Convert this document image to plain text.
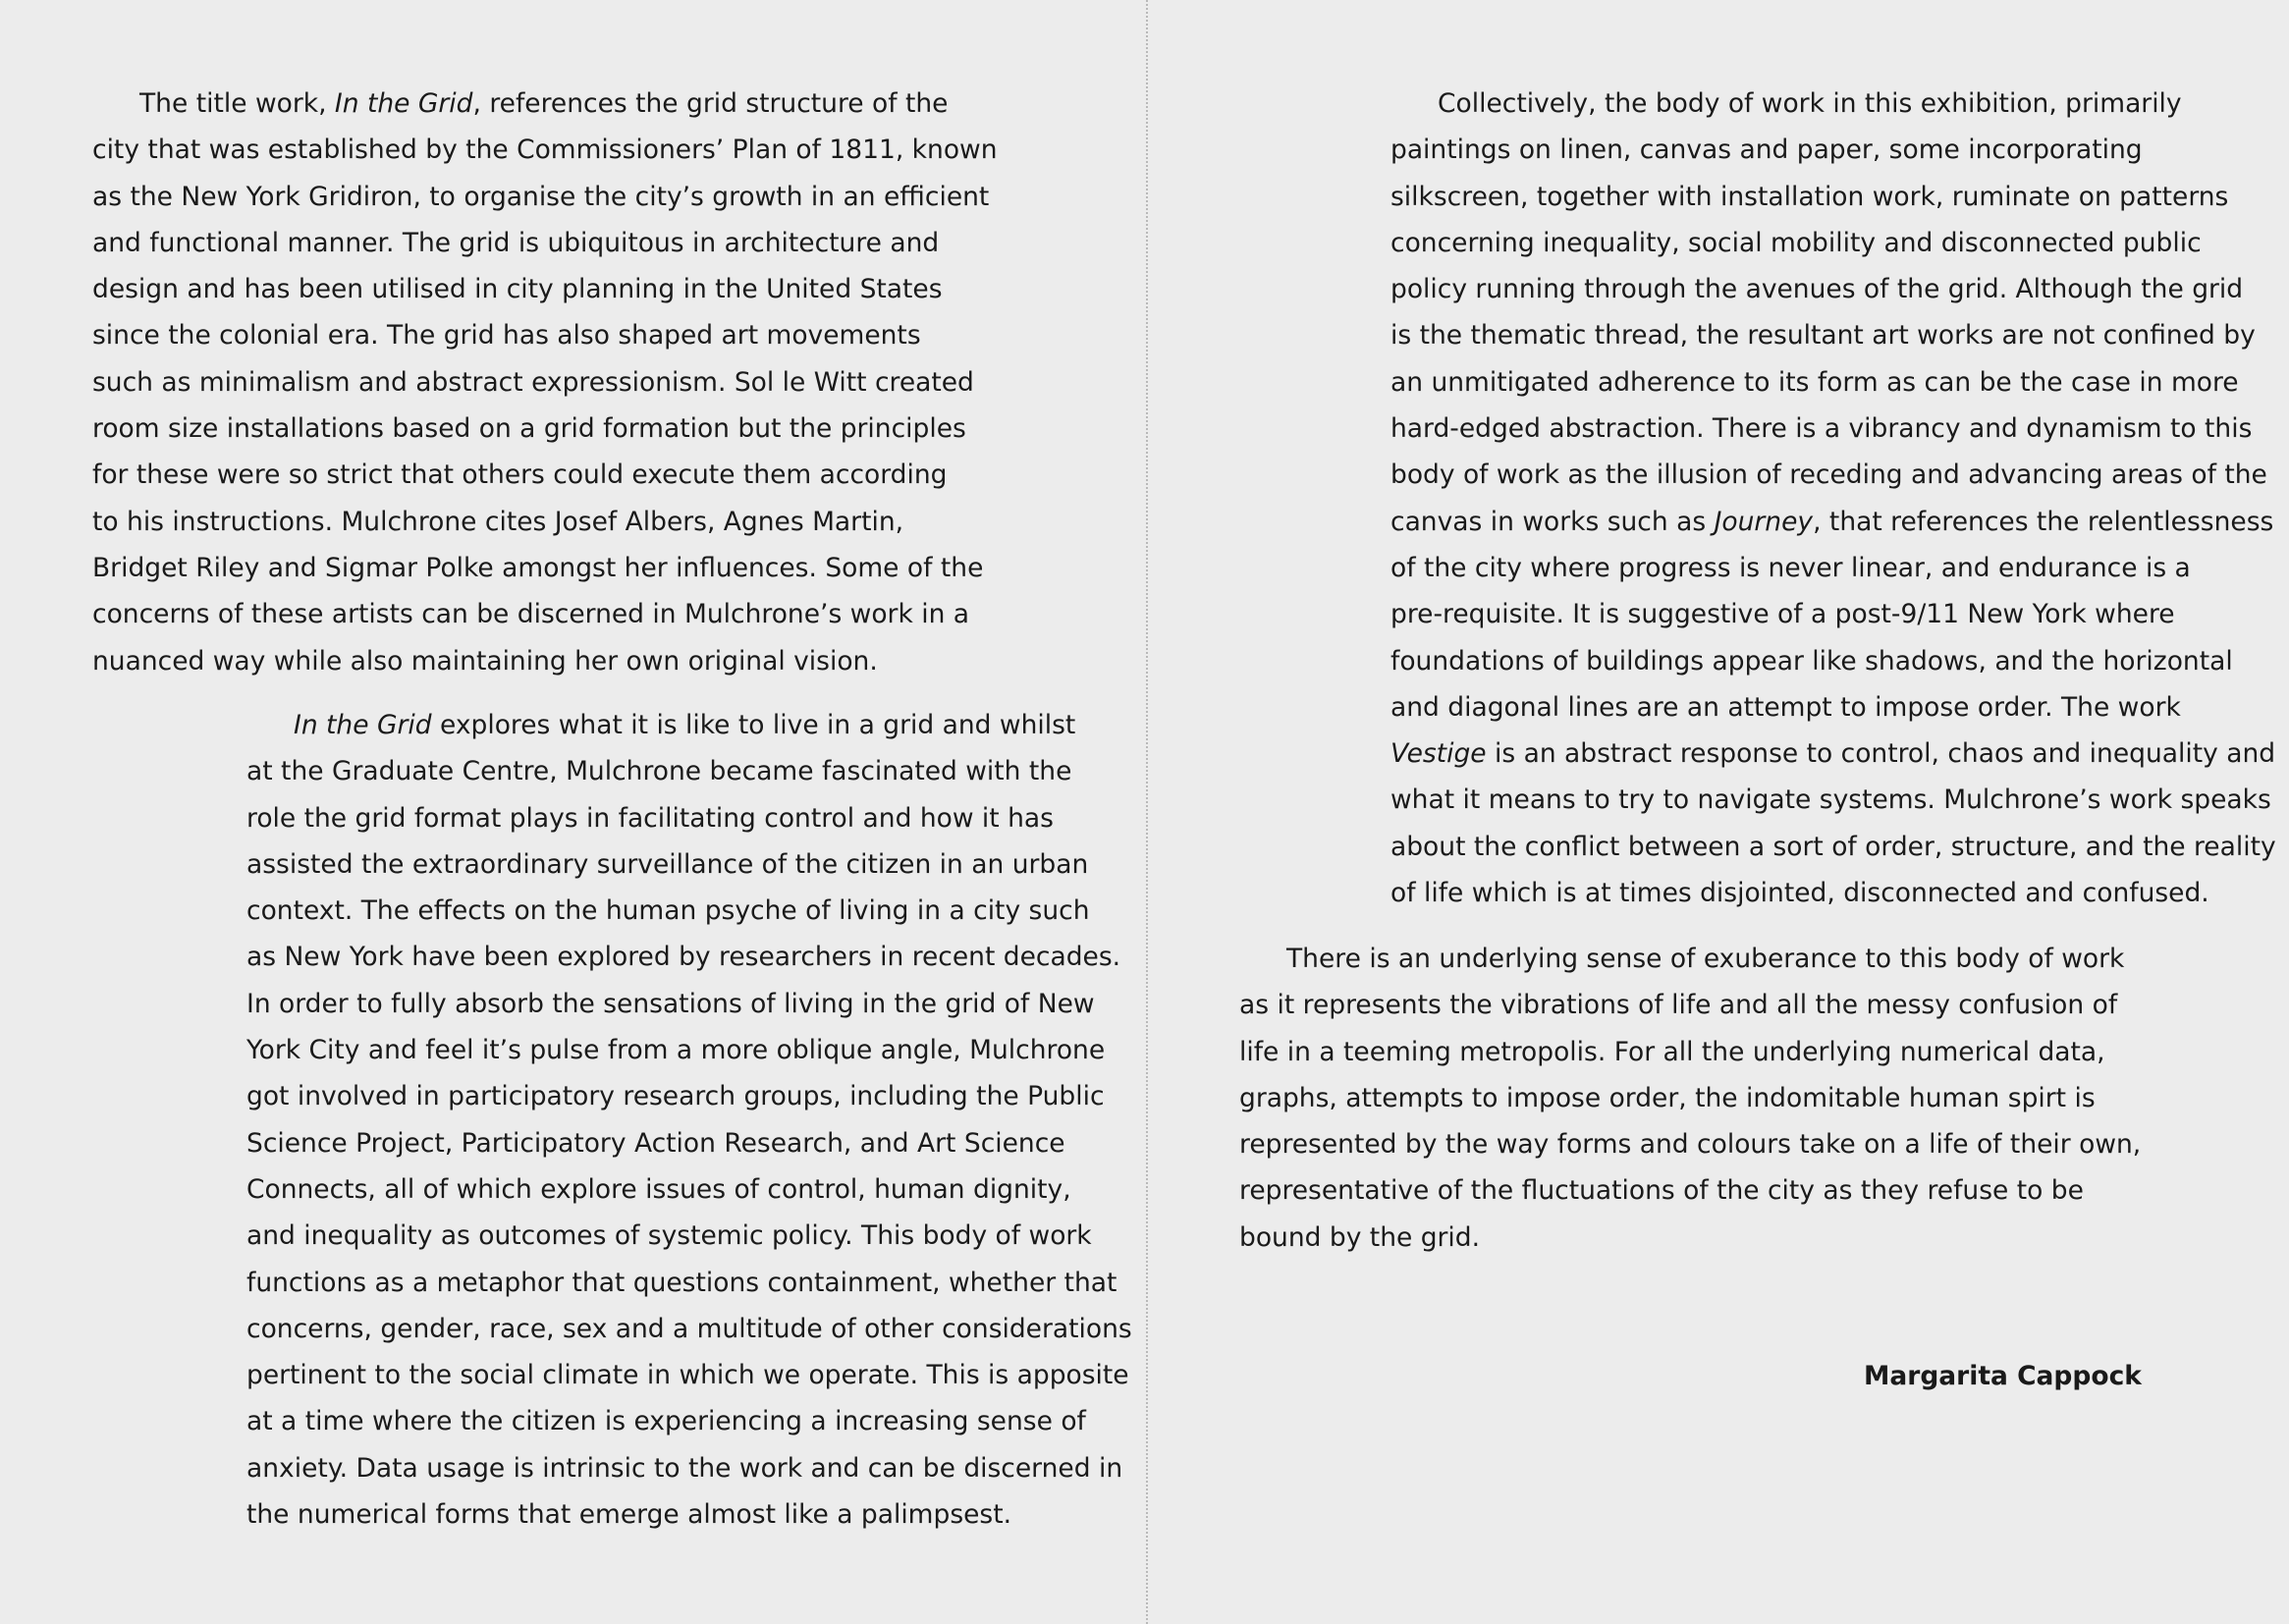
The title work, In the Grid, references the grid structure of the
city that was established by the Commissioners’ Plan of 1811, known
as the New York Gridiron, to organise the city’s growth in an efficient
and functional manner. The grid is ubiquitous in architecture and
design and has been utilised in city planning in the United States
since the colonial era. The grid has also shaped art movements
such as minimalism and abstract expressionism. Sol le Witt created
room size installations based on a grid formation but the principles
for these were so strict that others could execute them according
to his instructions. Mulchrone cites Josef Albers, Agnes Martin,
Bridget Riley and Sigmar Polke amongst her influences. Some of the
concerns of these artists can be discerned in Mulchrone’s work in a
nuanced way while also maintaining her own original vision.

In the Grid explores what it is like to live in a grid and whilst
at the Graduate Centre, Mulchrone became fascinated with the
role the grid format plays in facilitating control and how it has
assisted the extraordinary surveillance of the citizen in an urban
context. The effects on the human psyche of living in a city such
as New York have been explored by researchers in recent decades.
In order to fully absorb the sensations of living in the grid of New
York City and feel it’s pulse from a more oblique angle, Mulchrone
got involved in participatory research groups, including the Public
Science Project, Participatory Action Research, and Art Science
Connects, all of which explore issues of control, human dignity,
and inequality as outcomes of systemic policy. This body of work
functions as a metaphor that questions containment, whether that
concerns, gender, race, sex and a multitude of other considerations
pertinent to the social climate in which we operate. This is apposite
at a time where the citizen is experiencing a increasing sense of
anxiety. Data usage is intrinsic to the work and can be discerned in
the numerical forms that emerge almost like a palimpsest.

Collectively, the body of work in this exhibition, primarily
paintings on linen, canvas and paper, some incorporating
silkscreen, together with installation work, ruminate on patterns
concerning inequality, social mobility and disconnected public
policy running through the avenues of the grid. Although the grid
is the thematic thread, the resultant art works are not confined by
an unmitigated adherence to its form as can be the case in more
hard-edged abstraction. There is a vibrancy and dynamism to this
body of work as the illusion of receding and advancing areas of the
canvas in works such as Journey, that references the relentlessness
of the city where progress is never linear, and endurance is a
pre-requisite. It is suggestive of a post-9/11 New York where
foundations of buildings appear like shadows, and the horizontal
and diagonal lines are an attempt to impose order. The work
Vestige is an abstract response to control, chaos and inequality and
what it means to try to navigate systems. Mulchrone’s work speaks
about the conflict between a sort of order, structure, and the reality
of life which is at times disjointed, disconnected and confused.

There is an underlying sense of exuberance to this body of work
as it represents the vibrations of life and all the messy confusion of
life in a teeming metropolis. For all the underlying numerical data,
graphs, attempts to impose order, the indomitable human spirt is
represented by the way forms and colours take on a life of their own,
representative of the fluctuations of the city as they refuse to be
bound by the grid.

Margarita Cappock
